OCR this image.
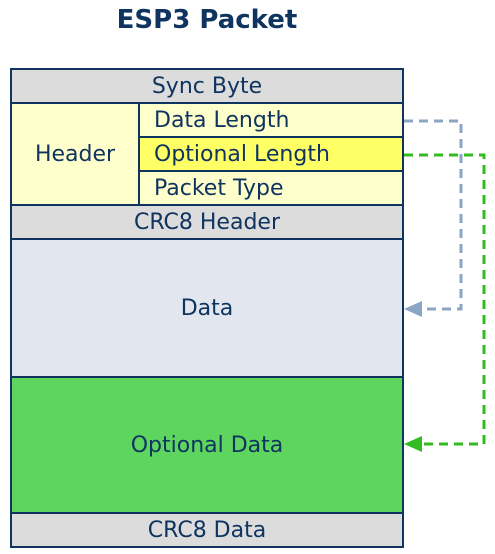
ESP3 Packet
Sync Byte
Header
Data Length
Optional Length
Packet Type
CRC8 Header
Data
Optional Data
CRC8 Data
